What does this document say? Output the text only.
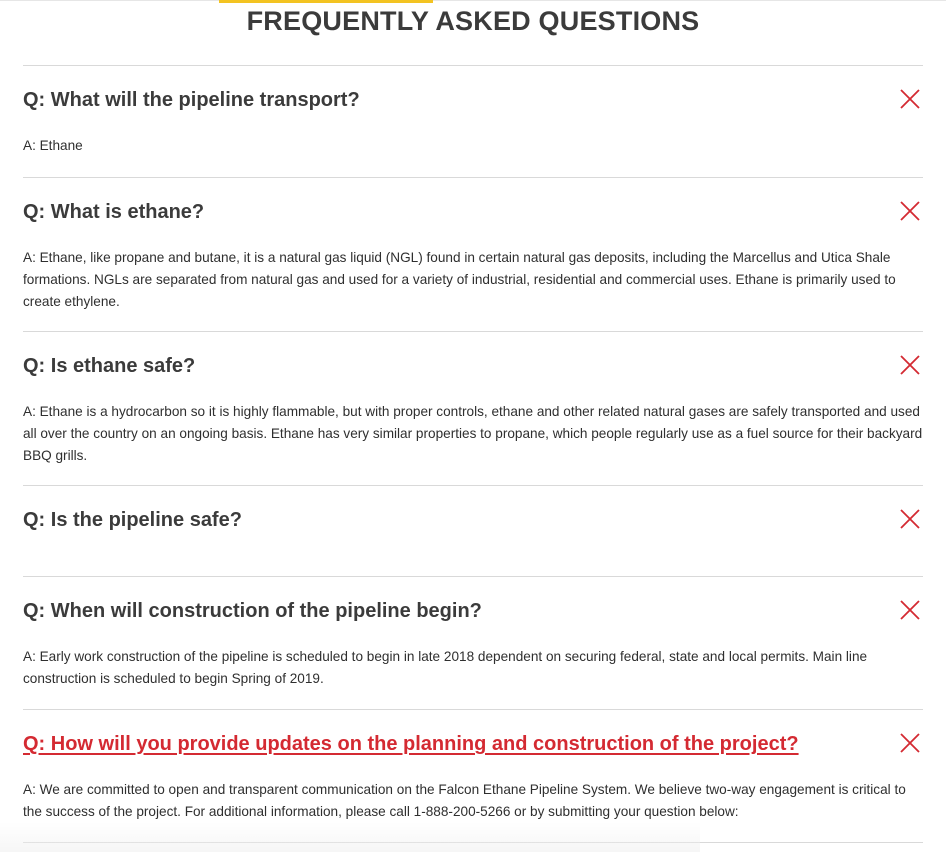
FREQUENTLY ASKED QUESTIONS
Q: What will the pipeline transport?

A: Ethane

Q: What is ethane?

A: Ethane, like propane and butane, it is a natural gas liquid (NGL) found in certain natural gas deposits, including the Marcellus and Utica Shale formations. NGLs are separated from natural gas and used for a variety of industrial, residential and commercial uses. Ethane is primarily used to create ethylene.

Q: Is ethane safe?

A: Ethane is a hydrocarbon so it is highly flammable, but with proper controls, ethane and other related natural gases are safely transported and used all over the country on an ongoing basis. Ethane has very similar properties to propane, which people regularly use as a fuel source for their backyard BBQ grills.

Q: Is the pipeline safe?
Q: When will construction of the pipeline begin?

A: Early work construction of the pipeline is scheduled to begin in late 2018 dependent on securing federal, state and local permits. Main line construction is scheduled to begin Spring of 2019.

Q: How will you provide updates on the planning and construction of the project?

A: We are committed to open and transparent communication on the Falcon Ethane Pipeline System. We believe two-way engagement is critical to the success of the project. For additional information, please call 1-888-200-5266 or by submitting your question below:
